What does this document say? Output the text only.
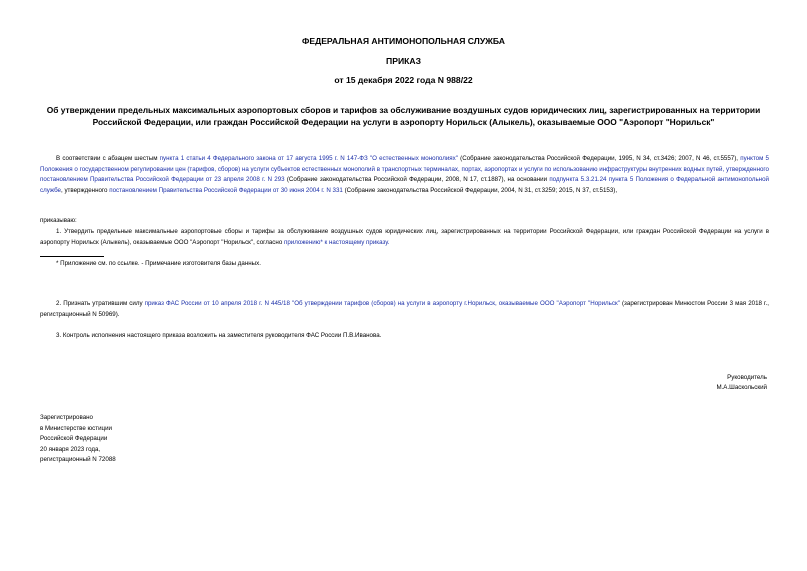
ФЕДЕРАЛЬНАЯ АНТИМОНОПОЛЬНАЯ СЛУЖБА
ПРИКАЗ
от 15 декабря 2022 года N 988/22
Об утверждении предельных максимальных аэропортовых сборов и тарифов за обслуживание воздушных судов юридических лиц, зарегистрированных на территории Российской Федерации, или граждан Российской Федерации на услуги в аэропорту Норильск (Алыкель), оказываемые ООО "Аэропорт "Норильск"
В соответствии с абзацем шестым пункта 1 статьи 4 Федерального закона от 17 августа 1995 г. N 147-ФЗ "О естественных монополиях" (Собрание законодательства Российской Федерации, 1995, N 34, ст.3426; 2007, N 46, ст.5557), пунктом 5 Положения о государственном регулировании цен (тарифов, сборов) на услуги субъектов естественных монополий в транспортных терминалах, портах, аэропортах и услуги по использованию инфраструктуры внутренних водных путей, утвержденного постановлением Правительства Российской Федерации от 23 апреля 2008 г. N 293 (Собрание законодательства Российской Федерации, 2008, N 17, ст.1887), на основании подпункта 5.3.21.24 пункта 5 Положения о Федеральной антимонопольной службе, утвержденного постановлением Правительства Российской Федерации от 30 июня 2004 г. N 331 (Собрание законодательства Российской Федерации, 2004, N 31, ст.3259; 2015, N 37, ст.5153),
приказываю:
1. Утвердить предельные максимальные аэропортовые сборы и тарифы за обслуживание воздушных судов юридических лиц, зарегистрированных на территории Российской Федерации, или граждан Российской Федерации на услуги в аэропорту Норильск (Алыкель), оказываемые ООО "Аэропорт "Норильск", согласно приложению* к настоящему приказу.
* Приложение см. по ссылке. - Примечание изготовителя базы данных.
2. Признать утратившим силу приказ ФАС России от 10 апреля 2018 г. N 445/18 "Об утверждении тарифов (сборов) на услуги в аэропорту г.Норильск, оказываемые ООО "Аэропорт "Норильск" (зарегистрирован Минюстом России 3 мая 2018 г., регистрационный N 50969).
3. Контроль исполнения настоящего приказа возложить на заместителя руководителя ФАС России П.В.Иванова.
Руководитель
М.А.Шаскольский
Зарегистрировано
в Министерстве юстиции
Российской Федерации
20 января 2023 года,
регистрационный N 72088
